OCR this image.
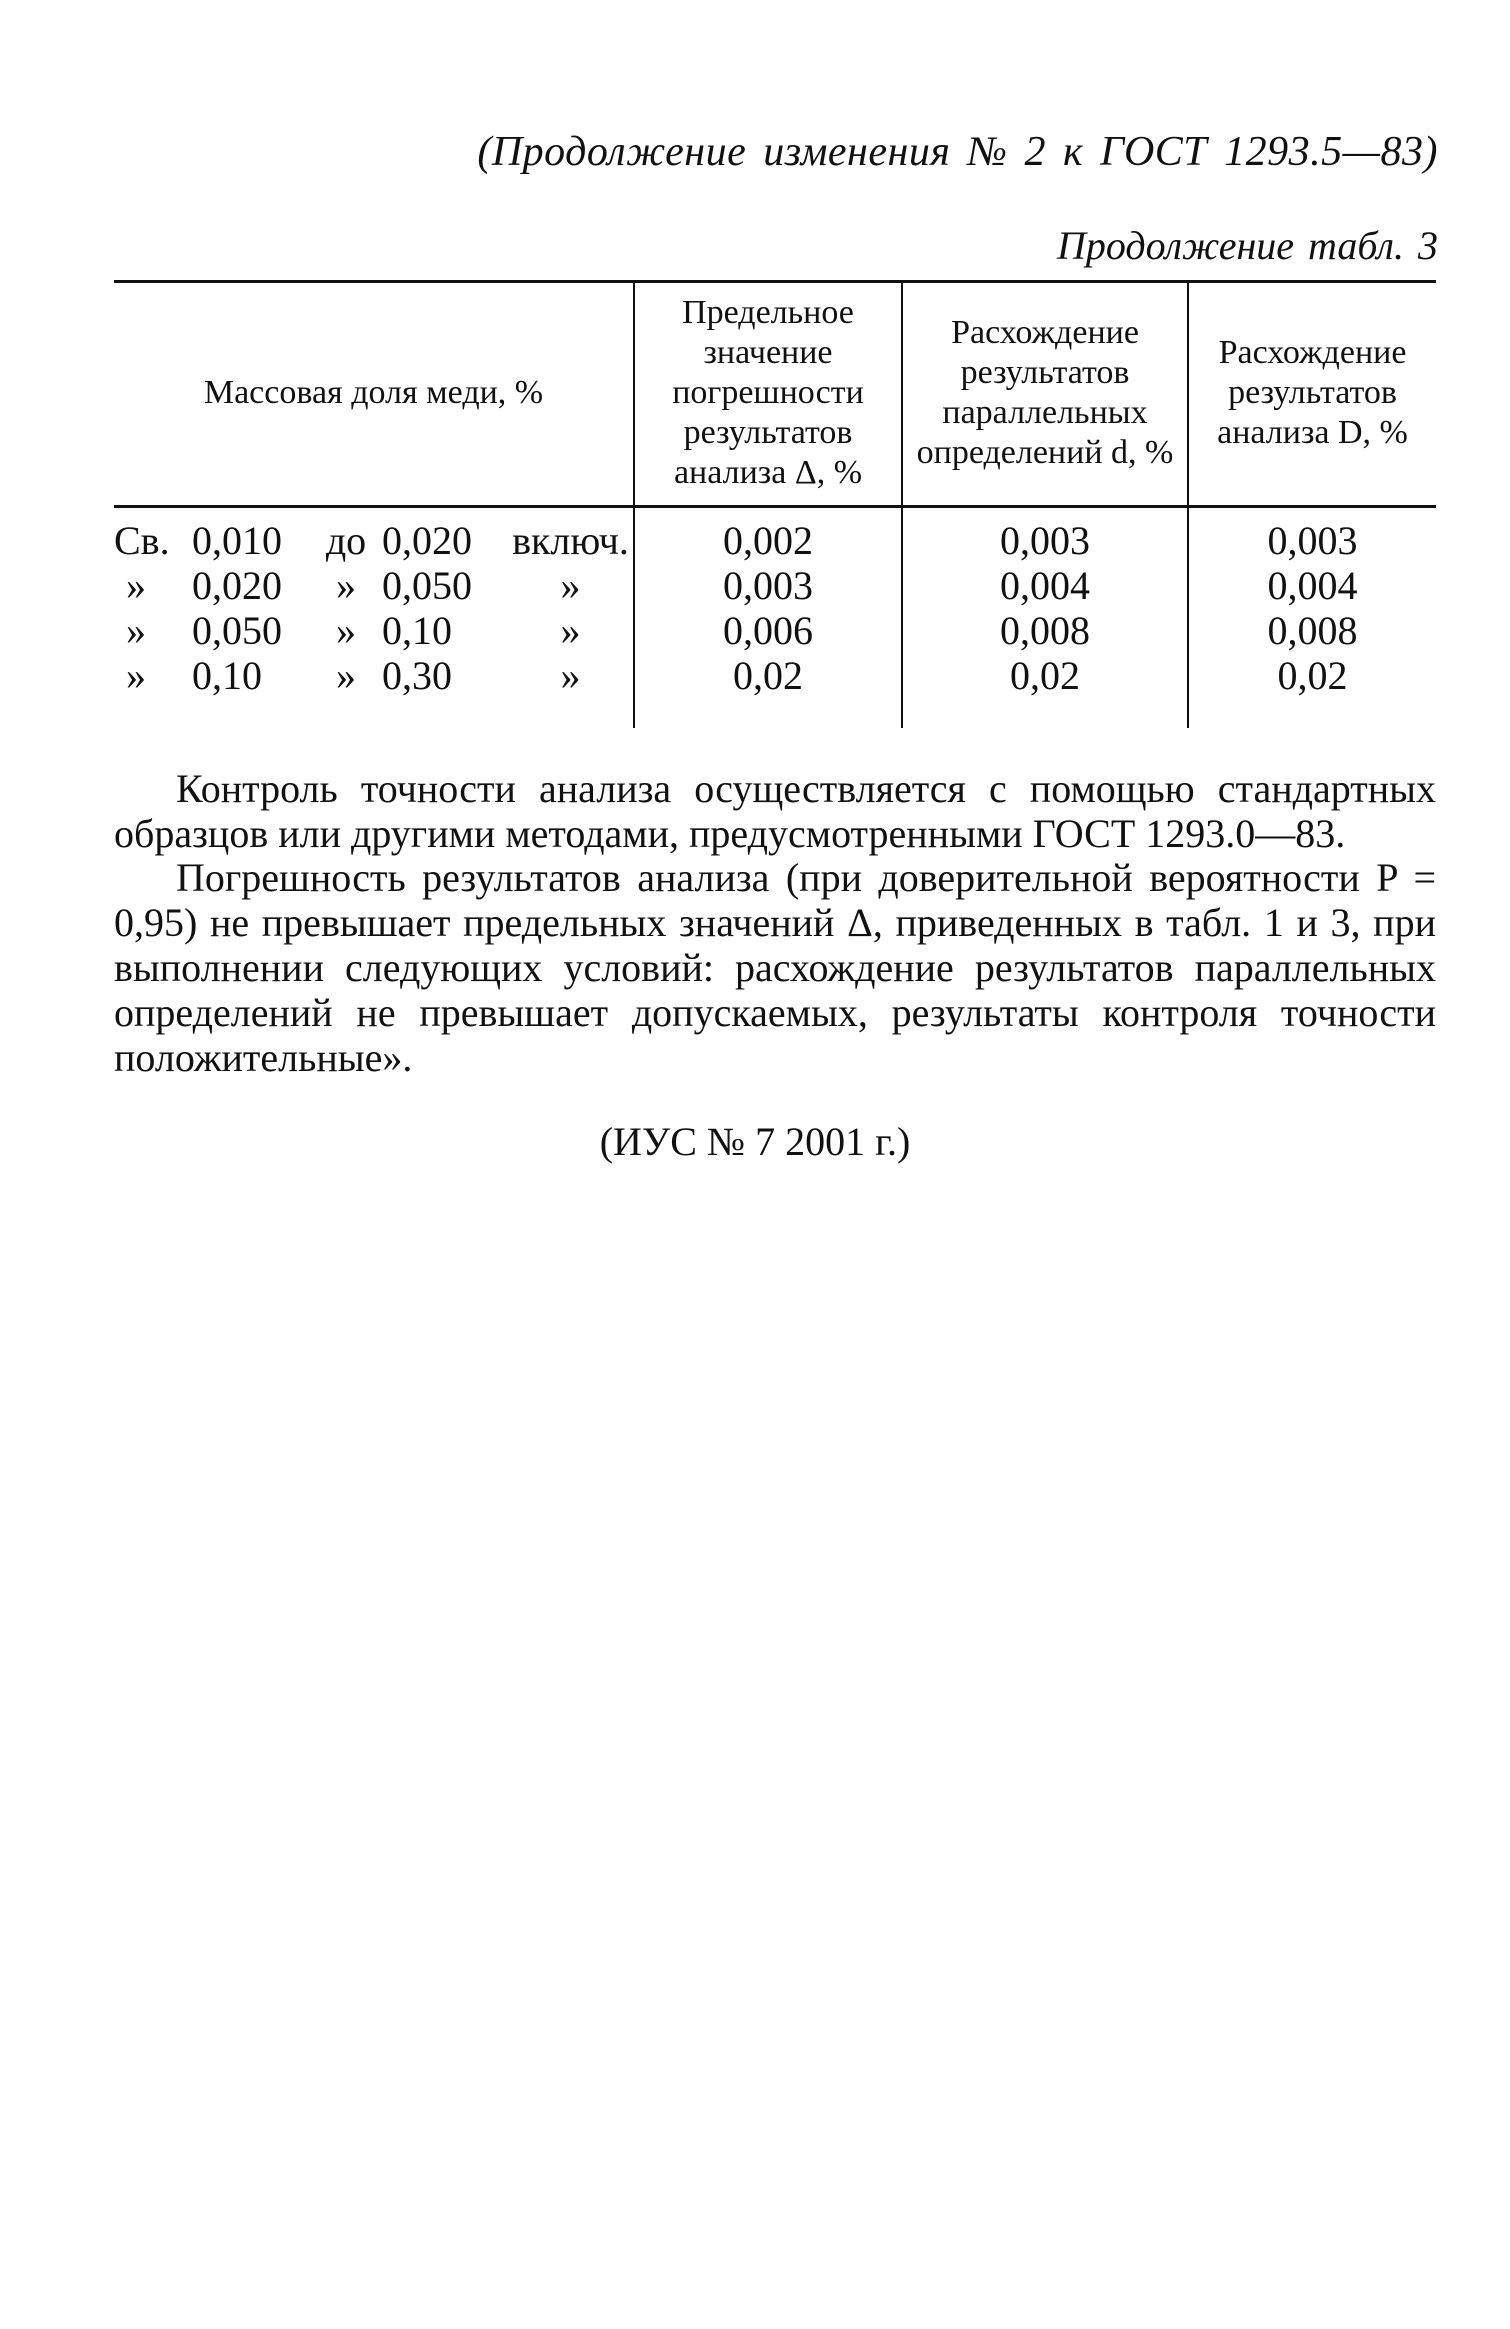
(Продолжение изменения № 2 к ГОСТ 1293.5—83)
Продолжение табл. 3
Массовая доля меди, %	Предельное значение погрешности результатов анализа Δ, %	Расхождение результатов параллельных определений d, %	Расхождение результатов анализа D, %

Св. 0,010 до 0,020 включ.	0,002	0,003	0,003

» 0,020 » 0,050 »	0,003	0,004	0,004

» 0,050 » 0,10 »	0,006	0,008	0,008

» 0,10 » 0,30 »	0,02	0,02	0,02

Контроль точности анализа осуществляется с помощью стандартных образцов или другими методами, предусмотренными ГОСТ 1293.0—83.

Погрешность результатов анализа (при доверительной вероятности P = 0,95) не превышает предельных значений Δ, приведенных в табл. 1 и 3, при выполнении следующих условий: расхождение результатов параллельных определений не превышает допускаемых, результаты контроля точности положительные».

(ИУС № 7 2001 г.)
